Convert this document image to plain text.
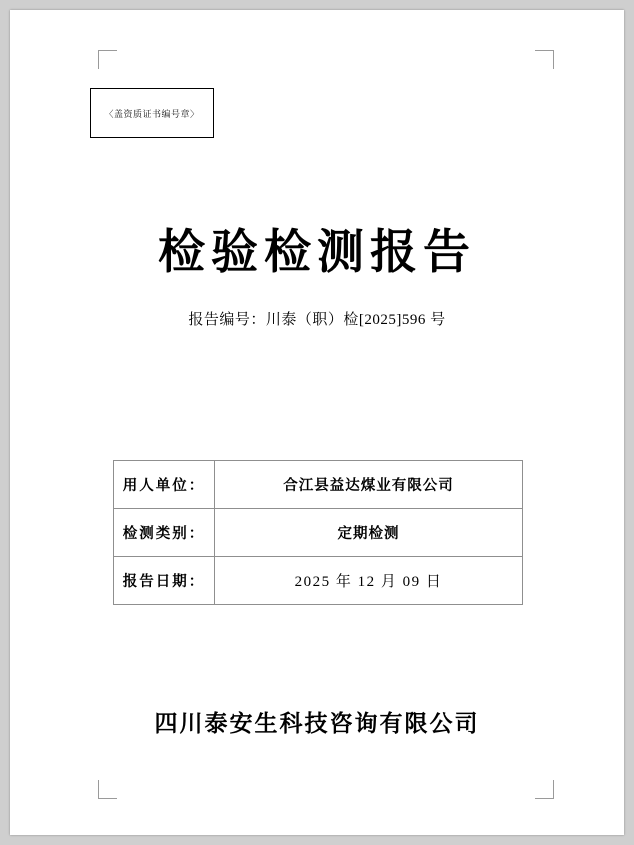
〈盖资质证书编号章〉
检验检测报告
报告编号：川泰（职）检[2025]596 号
用人单位：	合江县益达煤业有限公司
检测类别：	定期检测
报告日期：	2025 年 12 月 09 日
四川泰安生科技咨询有限公司
